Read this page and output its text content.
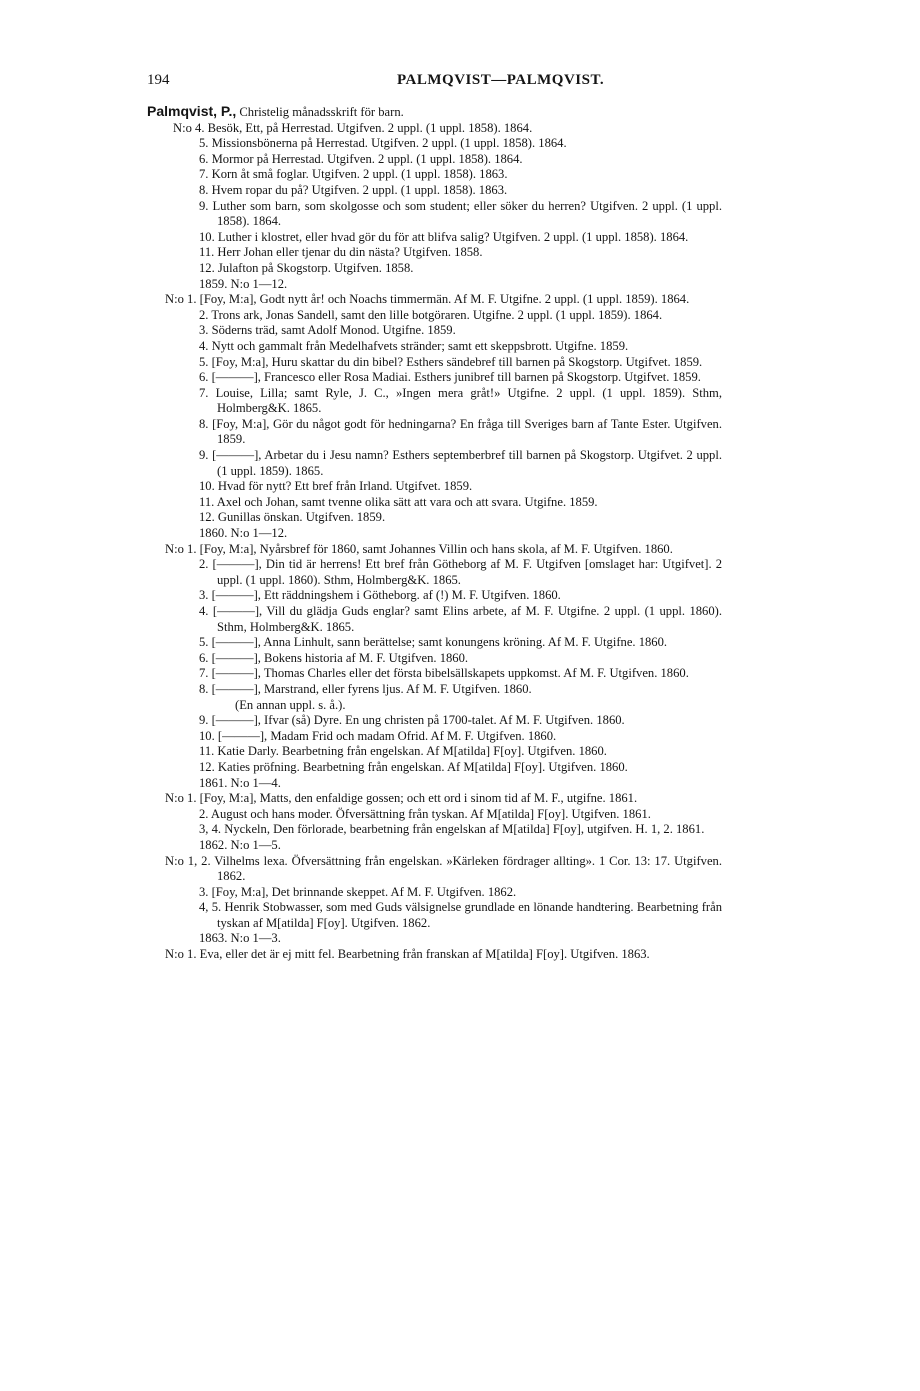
194	PALMQVIST—PALMQVIST.

Palmqvist, P., Christelig månadsskrift för barn.

N:o 4. Besök, Ett, på Herrestad. Utgifven. 2 uppl. (1 uppl. 1858). 1864.

5. Missionsbönerna på Herrestad. Utgifven. 2 uppl. (1 uppl. 1858). 1864.

6. Mormor på Herrestad. Utgifven. 2 uppl. (1 uppl. 1858). 1864.

7. Korn åt små foglar. Utgifven. 2 uppl. (1 uppl. 1858). 1863.

8. Hvem ropar du på? Utgifven. 2 uppl. (1 uppl. 1858). 1863.

9. Luther som barn, som skolgosse och som student; eller söker du herren? Utgifven. 2 uppl. (1 uppl. 1858). 1864.

10. Luther i klostret, eller hvad gör du för att blifva salig? Utgifven. 2 uppl. (1 uppl. 1858). 1864.

11. Herr Johan eller tjenar du din nästa? Utgifven. 1858.

12. Julafton på Skogstorp. Utgifven. 1858.

1859. N:o 1—12.

N:o 1. [Foy, M:a], Godt nytt år! och Noachs timmermän. Af M. F. Utgifne. 2 uppl. (1 uppl. 1859). 1864.

2. Trons ark, Jonas Sandell, samt den lille botgöraren. Utgifne. 2 uppl. (1 uppl. 1859). 1864.

3. Söderns träd, samt Adolf Monod. Utgifne. 1859.

4. Nytt och gammalt från Medelhafvets stränder; samt ett skeppsbrott. Utgifne. 1859.

5. [Foy, M:a], Huru skattar du din bibel? Esthers sändebref till barnen på Skogstorp. Utgifvet. 1859.

6. [———], Francesco eller Rosa Madiai. Esthers junibref till barnen på Skogstorp. Utgifvet. 1859.

7. Louise, Lilla; samt Ryle, J. C., »Ingen mera gråt!» Utgifne. 2 uppl. (1 uppl. 1859). Sthm, Holmberg&K. 1865.

8. [Foy, M:a], Gör du något godt för hedningarna? En fråga till Sveriges barn af Tante Ester. Utgifven. 1859.

9. [———], Arbetar du i Jesu namn? Esthers septemberbref till barnen på Skogstorp. Utgifvet. 2 uppl. (1 uppl. 1859). 1865.

10. Hvad för nytt? Ett bref från Irland. Utgifvet. 1859.

11. Axel och Johan, samt tvenne olika sätt att vara och att svara. Utgifne. 1859.

12. Gunillas önskan. Utgifven. 1859.

1860. N:o 1—12.

N:o 1. [Foy, M:a], Nyårsbref för 1860, samt Johannes Villin och hans skola, af M. F. Utgifven. 1860.

2. [———], Din tid är herrens! Ett bref från Götheborg af M. F. Utgifven [omslaget har: Utgifvet]. 2 uppl. (1 uppl. 1860). Sthm, Holmberg&K. 1865.

3. [———], Ett räddningshem i Götheborg. af (!) M. F. Utgifven. 1860.

4. [———], Vill du glädja Guds englar? samt Elins arbete, af M. F. Utgifne. 2 uppl. (1 uppl. 1860). Sthm, Holmberg&K. 1865.

5. [———], Anna Linhult, sann berättelse; samt konungens kröning. Af M. F. Utgifne. 1860.

6. [———], Bokens historia af M. F. Utgifven. 1860.

7. [———], Thomas Charles eller det första bibelsällskapets uppkomst. Af M. F. Utgifven. 1860.

8. [———], Marstrand, eller fyrens ljus. Af M. F. Utgifven. 1860.

(En annan uppl. s. å.).

9. [———], Ifvar (så) Dyre. En ung christen på 1700-talet. Af M. F. Utgifven. 1860.

10. [———], Madam Frid och madam Ofrid. Af M. F. Utgifven. 1860.

11. Katie Darly. Bearbetning från engelskan. Af M[atilda] F[oy]. Utgifven. 1860.

12. Katies pröfning. Bearbetning från engelskan. Af M[atilda] F[oy]. Utgifven. 1860.

1861. N:o 1—4.

N:o 1. [Foy, M:a], Matts, den enfaldige gossen; och ett ord i sinom tid af M. F., utgifne. 1861.

2. August och hans moder. Öfversättning från tyskan. Af M[atilda] F[oy]. Utgifven. 1861.

3, 4. Nyckeln, Den förlorade, bearbetning från engelskan af M[atilda] F[oy], utgifven. H. 1, 2. 1861.

1862. N:o 1—5.

N:o 1, 2. Vilhelms lexa. Öfversättning från engelskan. »Kärleken fördrager allting». 1 Cor. 13: 17. Utgifven. 1862.

3. [Foy, M:a], Det brinnande skeppet. Af M. F. Utgifven. 1862.

4, 5. Henrik Stobwasser, som med Guds välsignelse grundlade en lönande handtering. Bearbetning från tyskan af M[atilda] F[oy]. Utgifven. 1862.

1863. N:o 1—3.

N:o 1. Eva, eller det är ej mitt fel. Bearbetning från franskan af M[atilda] F[oy]. Utgifven. 1863.
